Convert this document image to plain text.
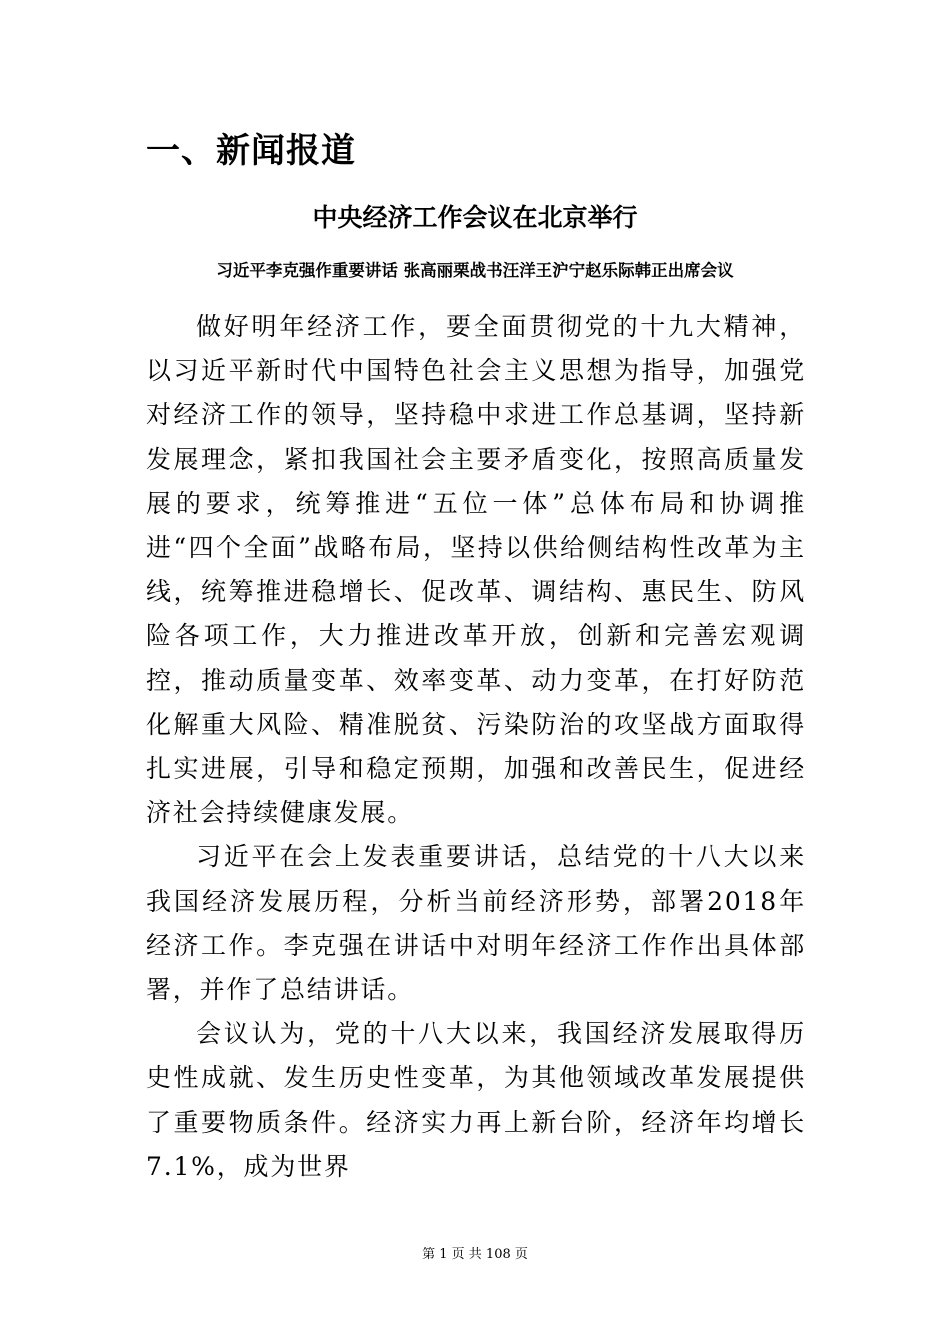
一、新闻报道
中央经济工作会议在北京举行
习近平李克强作重要讲话 张高丽栗战书汪洋王沪宁赵乐际韩正出席会议

做好明年经济工作，要全面贯彻党的十九大精神，以习近平新时代中国特色社会主义思想为指导，加强党对经济工作的领导，坚持稳中求进工作总基调，坚持新发展理念，紧扣我国社会主要矛盾变化，按照高质量发展的要求，统筹推进“五位一体”总体布局和协调推进“四个全面”战略布局，坚持以供给侧结构性改革为主线，统筹推进稳增长、促改革、调结构、惠民生、防风险各项工作，大力推进改革开放，创新和完善宏观调控，推动质量变革、效率变革、动力变革，在打好防范化解重大风险、精准脱贫、污染防治的攻坚战方面取得扎实进展，引导和稳定预期，加强和改善民生，促进经济社会持续健康发展。

习近平在会上发表重要讲话，总结党的十八大以来我国经济发展历程，分析当前经济形势，部署2018年经济工作。李克强在讲话中对明年经济工作作出具体部署，并作了总结讲话。

会议认为，党的十八大以来，我国经济发展取得历史性成就、发生历史性变革，为其他领域改革发展提供了重要物质条件。经济实力再上新台阶，经济年均增长7.1%，成为世界

第 1 页 共 108 页
